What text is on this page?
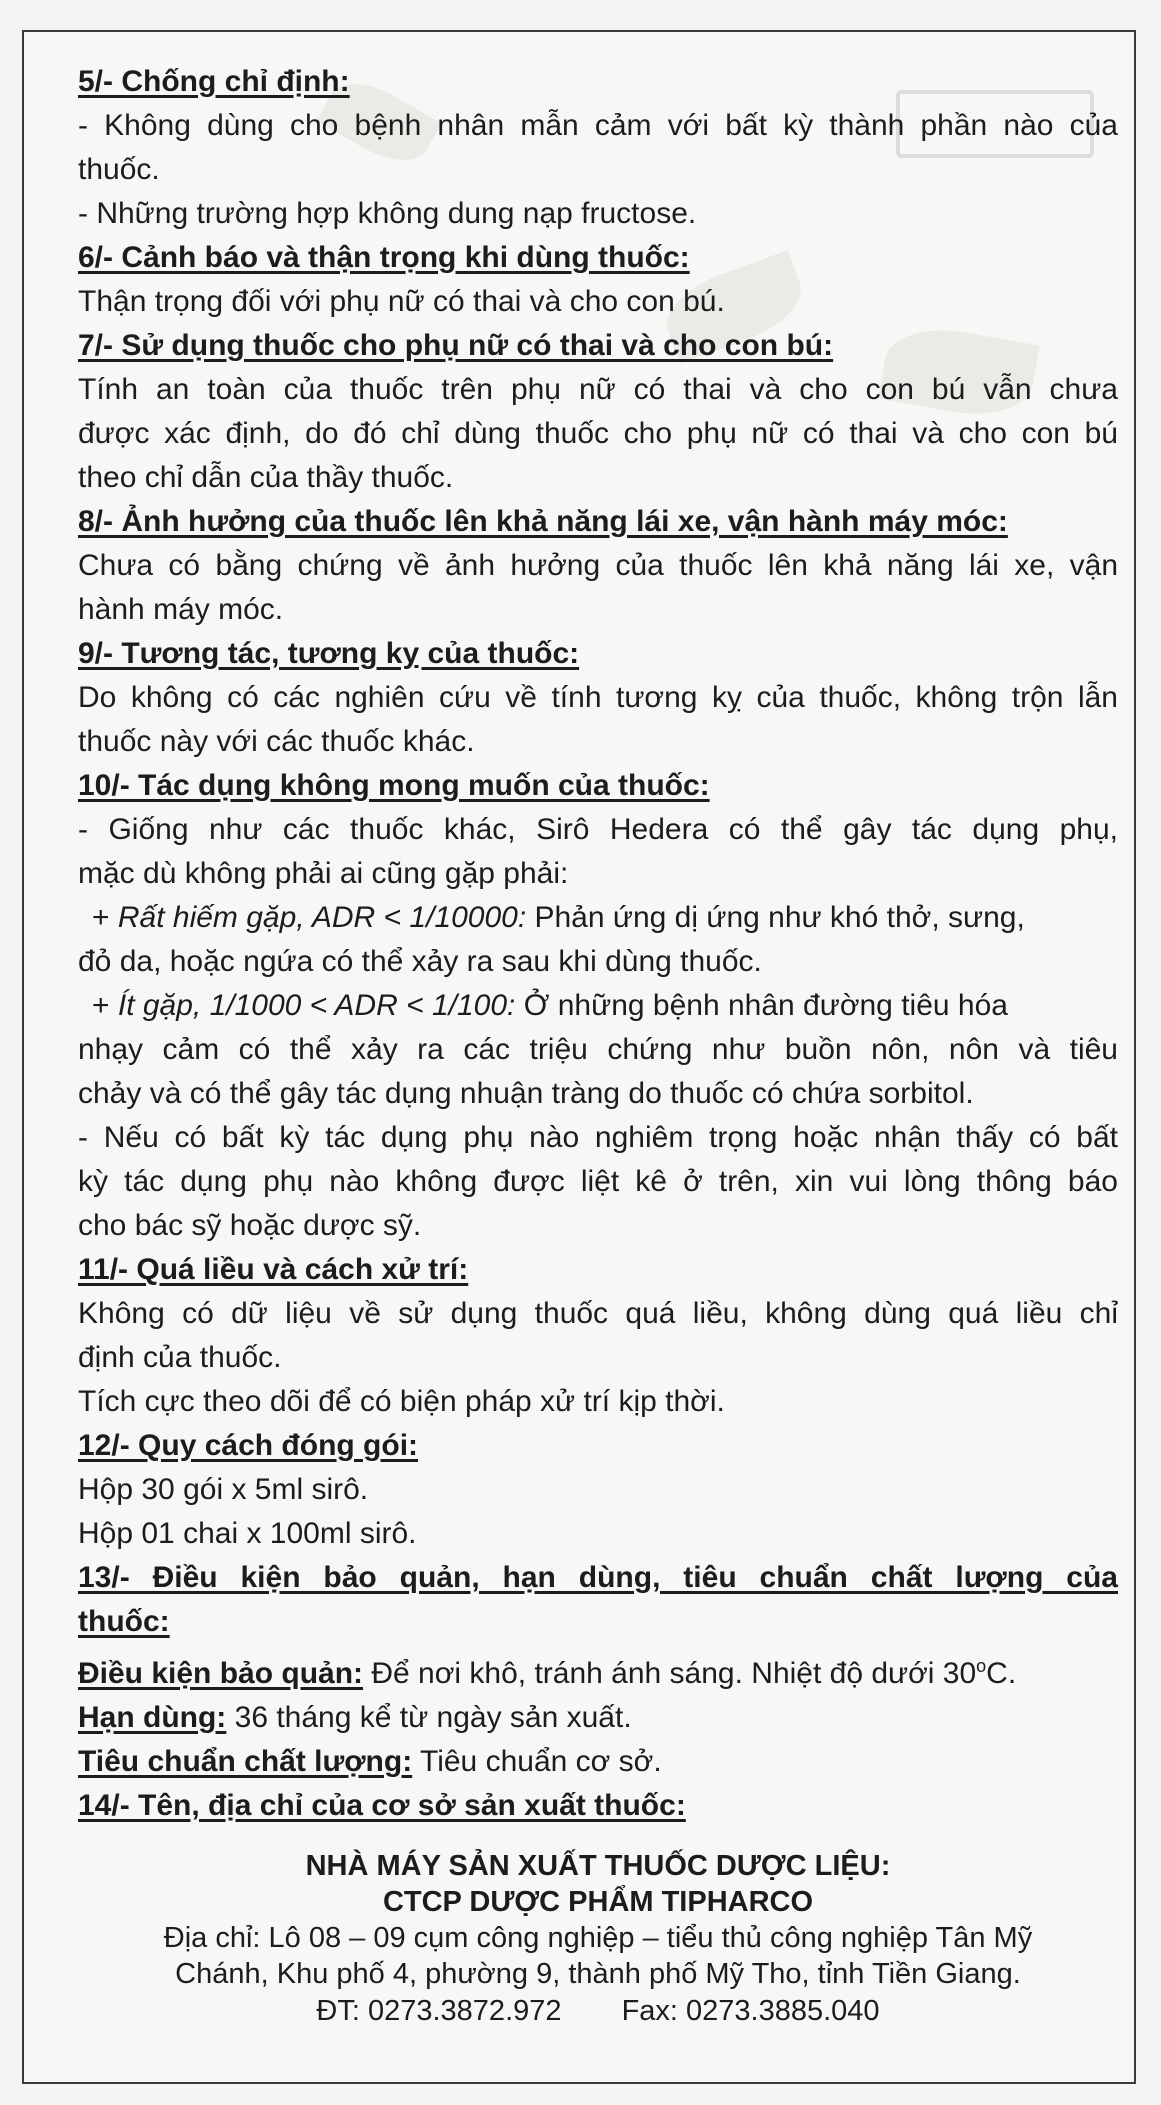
5/- Chống chỉ định:

- Không dùng cho bệnh nhân mẫn cảm với bất kỳ thành phần nào của

thuốc.

- Những trường hợp không dung nạp fructose.

6/- Cảnh báo và thận trọng khi dùng thuốc:

Thận trọng đối với phụ nữ có thai và cho con bú.

7/- Sử dụng thuốc cho phụ nữ có thai và cho con bú:

Tính an toàn của thuốc trên phụ nữ có thai và cho con bú vẫn chưa

được xác định, do đó chỉ dùng thuốc cho phụ nữ có thai và cho con bú

theo chỉ dẫn của thầy thuốc.

8/- Ảnh hưởng của thuốc lên khả năng lái xe, vận hành máy móc:

Chưa có bằng chứng về ảnh hưởng của thuốc lên khả năng lái xe, vận

hành máy móc.

9/- Tương tác, tương kỵ của thuốc:

Do không có các nghiên cứu về tính tương kỵ của thuốc, không trộn lẫn

thuốc này với các thuốc khác.

10/- Tác dụng không mong muốn của thuốc:

- Giống như các thuốc khác, Sirô Hedera có thể gây tác dụng phụ,

mặc dù không phải ai cũng gặp phải:

+ Rất hiếm gặp, ADR < 1/10000: Phản ứng dị ứng như khó thở, sưng,

đỏ da, hoặc ngứa có thể xảy ra sau khi dùng thuốc.

+ Ít gặp, 1/1000 < ADR < 1/100: Ở những bệnh nhân đường tiêu hóa

nhạy cảm có thể xảy ra các triệu chứng như buồn nôn, nôn và tiêu

chảy và có thể gây tác dụng nhuận tràng do thuốc có chứa sorbitol.

- Nếu có bất kỳ tác dụng phụ nào nghiêm trọng hoặc nhận thấy có bất

kỳ tác dụng phụ nào không được liệt kê ở trên, xin vui lòng thông báo

cho bác sỹ hoặc dược sỹ.

11/- Quá liều và cách xử trí:

Không có dữ liệu về sử dụng thuốc quá liều, không dùng quá liều chỉ

định của thuốc.

Tích cực theo dõi để có biện pháp xử trí kịp thời.

12/- Quy cách đóng gói:

Hộp 30 gói x 5ml sirô.

Hộp 01 chai x 100ml sirô.

13/- Điều kiện bảo quản, hạn dùng, tiêu chuẩn chất lượng của
thuốc:

Điều kiện bảo quản: Để nơi khô, tránh ánh sáng. Nhiệt độ dưới 30$^o$C.

Hạn dùng: 36 tháng kể từ ngày sản xuất.

Tiêu chuẩn chất lượng: Tiêu chuẩn cơ sở.

14/- Tên, địa chỉ của cơ sở sản xuất thuốc:
NHÀ MÁY SẢN XUẤT THUỐC DƯỢC LIỆU:
CTCP DƯỢC PHẨM TIPHARCO
Địa chỉ: Lô 08 – 09 cụm công nghiệp – tiểu thủ công nghiệp Tân Mỹ
Chánh, Khu phố 4, phường 9, thành phố Mỹ Tho, tỉnh Tiền Giang.
ĐT: 0273.3872.972 Fax: 0273.3885.040
